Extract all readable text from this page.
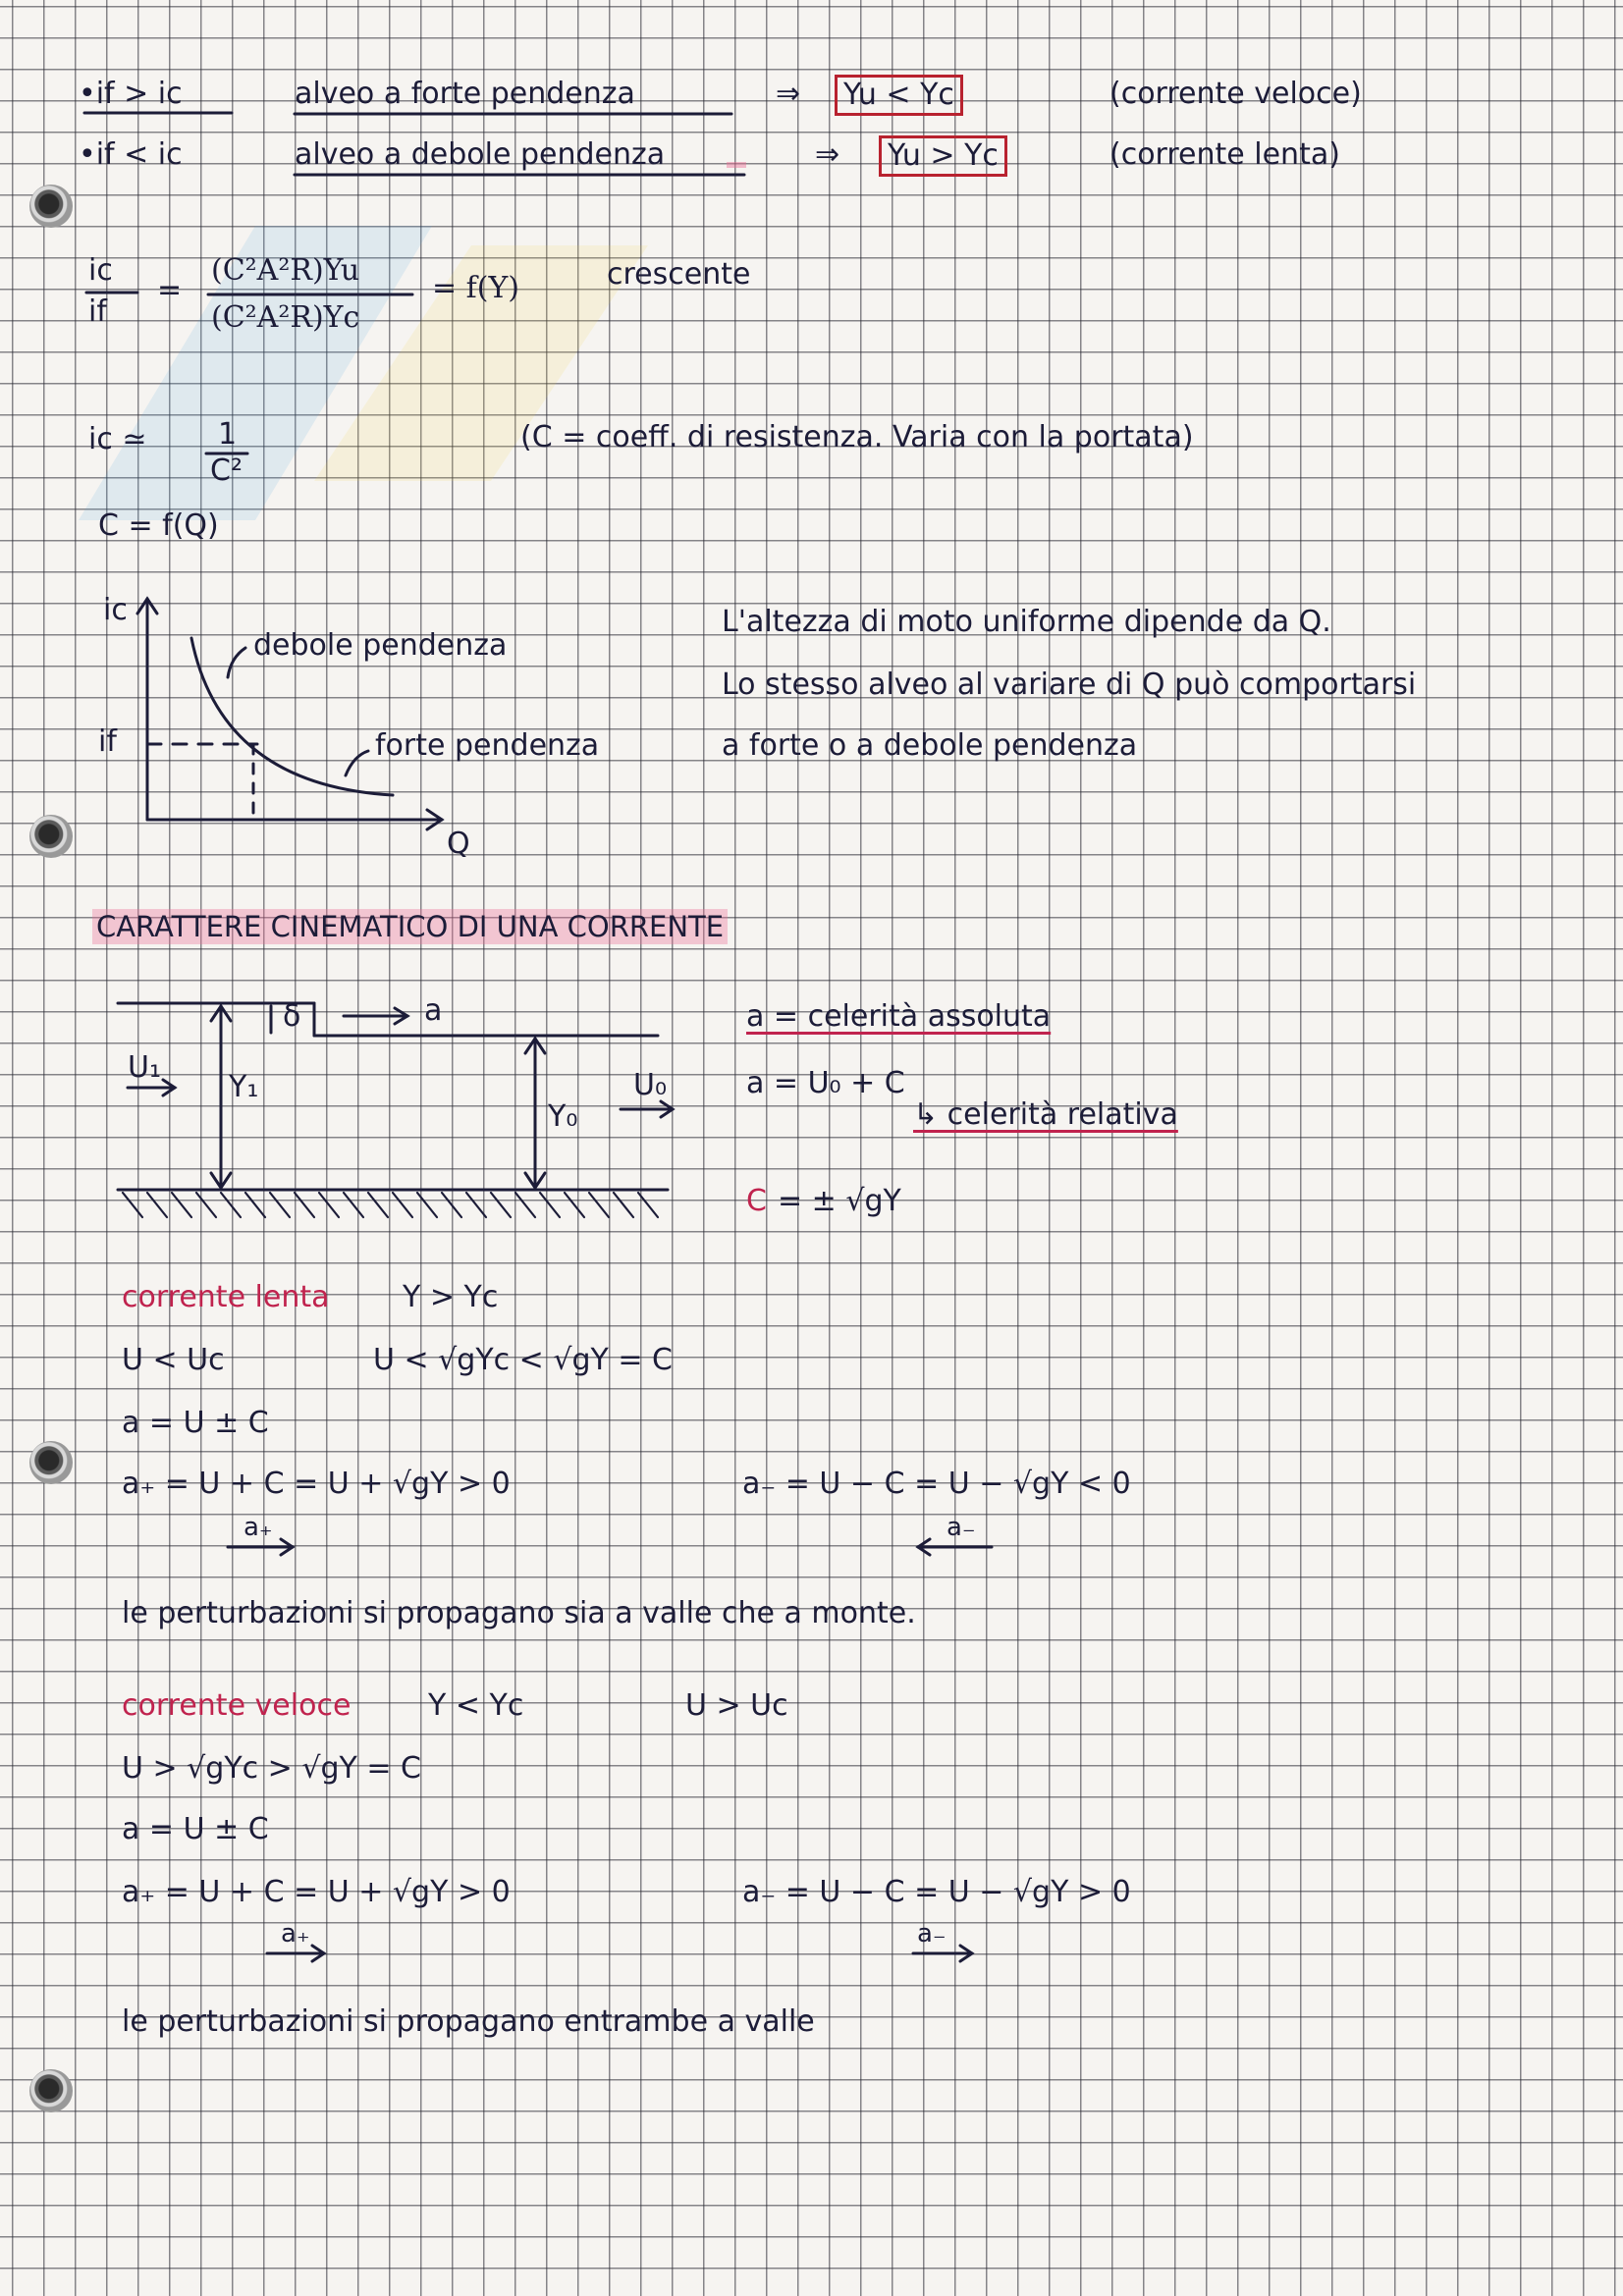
•if > ic	alveo a forte pendenza	⇒	Yu < Yc	(corrente veloce)
•if < ic	alveo a debole pendenza	⇒	Yu > Yc	(corrente lenta)
ic
if
=
(C²A²R)Yu
(C²A²R)Yc
= f(Y)	crescente
ic ≃ 1
C²
(C = coeff. di resistenza. Varia con la portata)
C = f(Q)
ic
if
Q
debole pendenza
forte pendenza
L'altezza di moto uniforme dipende da Q.
Lo stesso alveo al variare di Q può comportarsi
a forte o a debole pendenza
CARATTERE CINEMATICO DI UNA CORRENTE
δ	a
U₁
Y₁
Y₀
U₀
a = celerità assoluta
a = U₀ + C
↳ celerità relativa
C = ± √gY
corrente lenta Y > Yc
U < Uc	U < √gYc < √gY = C
a = U ± C
a₊ = U + C = U + √gY > 0	a₋ = U − C = U − √gY < 0
a₊	a₋
le perturbazioni si propagano sia a valle che a monte.
corrente veloce	Y < Yc	U > Uc
U > √gYc > √gY = C
a = U ± C
a₊ = U + C = U + √gY > 0	a₋ = U − C = U − √gY > 0
a₊	a₋
le perturbazioni si propagano entrambe a valle
